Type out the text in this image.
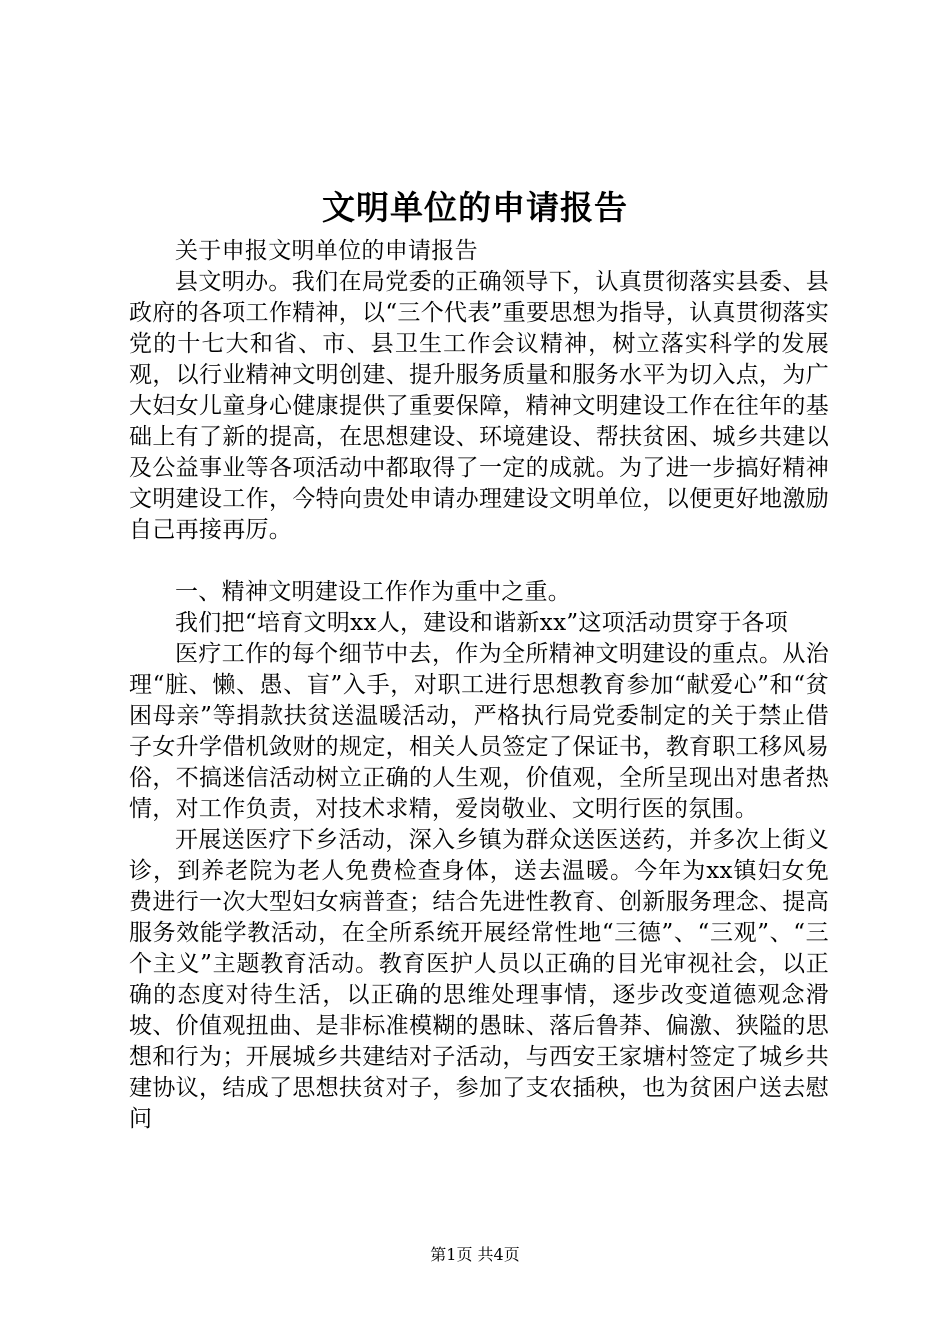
文明单位的申请报告

关于申报文明单位的申请报告

县文明办。我们在局党委的正确领导下，认真贯彻落实县委、县政府的各项工作精神，以“三个代表”重要思想为指导，认真贯彻落实党的十七大和省、市、县卫生工作会议精神，树立落实科学的发展观，以行业精神文明创建、提升服务质量和服务水平为切入点，为广大妇女儿童身心健康提供了重要保障，精神文明建设工作在往年的基础上有了新的提高，在思想建设、环境建设、帮扶贫困、城乡共建以及公益事业等各项活动中都取得了一定的成就。为了进一步搞好精神文明建设工作，今特向贵处申请办理建设文明单位，以便更好地激励自己再接再厉。

一、精神文明建设工作作为重中之重。

我们把“培育文明xx人，建设和谐新xx”这项活动贯穿于各项

医疗工作的每个细节中去，作为全所精神文明建设的重点。从治理“脏、懒、愚、盲”入手，对职工进行思想教育参加“献爱心”和“贫困母亲”等捐款扶贫送温暖活动，严格执行局党委制定的关于禁止借子女升学借机敛财的规定，相关人员签定了保证书，教育职工移风易俗，不搞迷信活动树立正确的人生观，价值观，全所呈现出对患者热情，对工作负责，对技术求精，爱岗敬业、文明行医的氛围。

开展送医疗下乡活动，深入乡镇为群众送医送药，并多次上街义诊，到养老院为老人免费检查身体，送去温暖。今年为xx镇妇女免费进行一次大型妇女病普查；结合先进性教育、创新服务理念、提高服务效能学教活动，在全所系统开展经常性地“三德”、“三观”、“三个主义”主题教育活动。教育医护人员以正确的目光审视社会，以正确的态度对待生活，以正确的思维处理事情，逐步改变道德观念滑坡、价值观扭曲、是非标准模糊的愚昧、落后鲁莽、偏激、狭隘的思想和行为；开展城乡共建结对子活动，与西安王家塘村签定了城乡共建协议，结成了思想扶贫对子，参加了支农插秧，也为贫困户送去慰问

第1页 共4页
